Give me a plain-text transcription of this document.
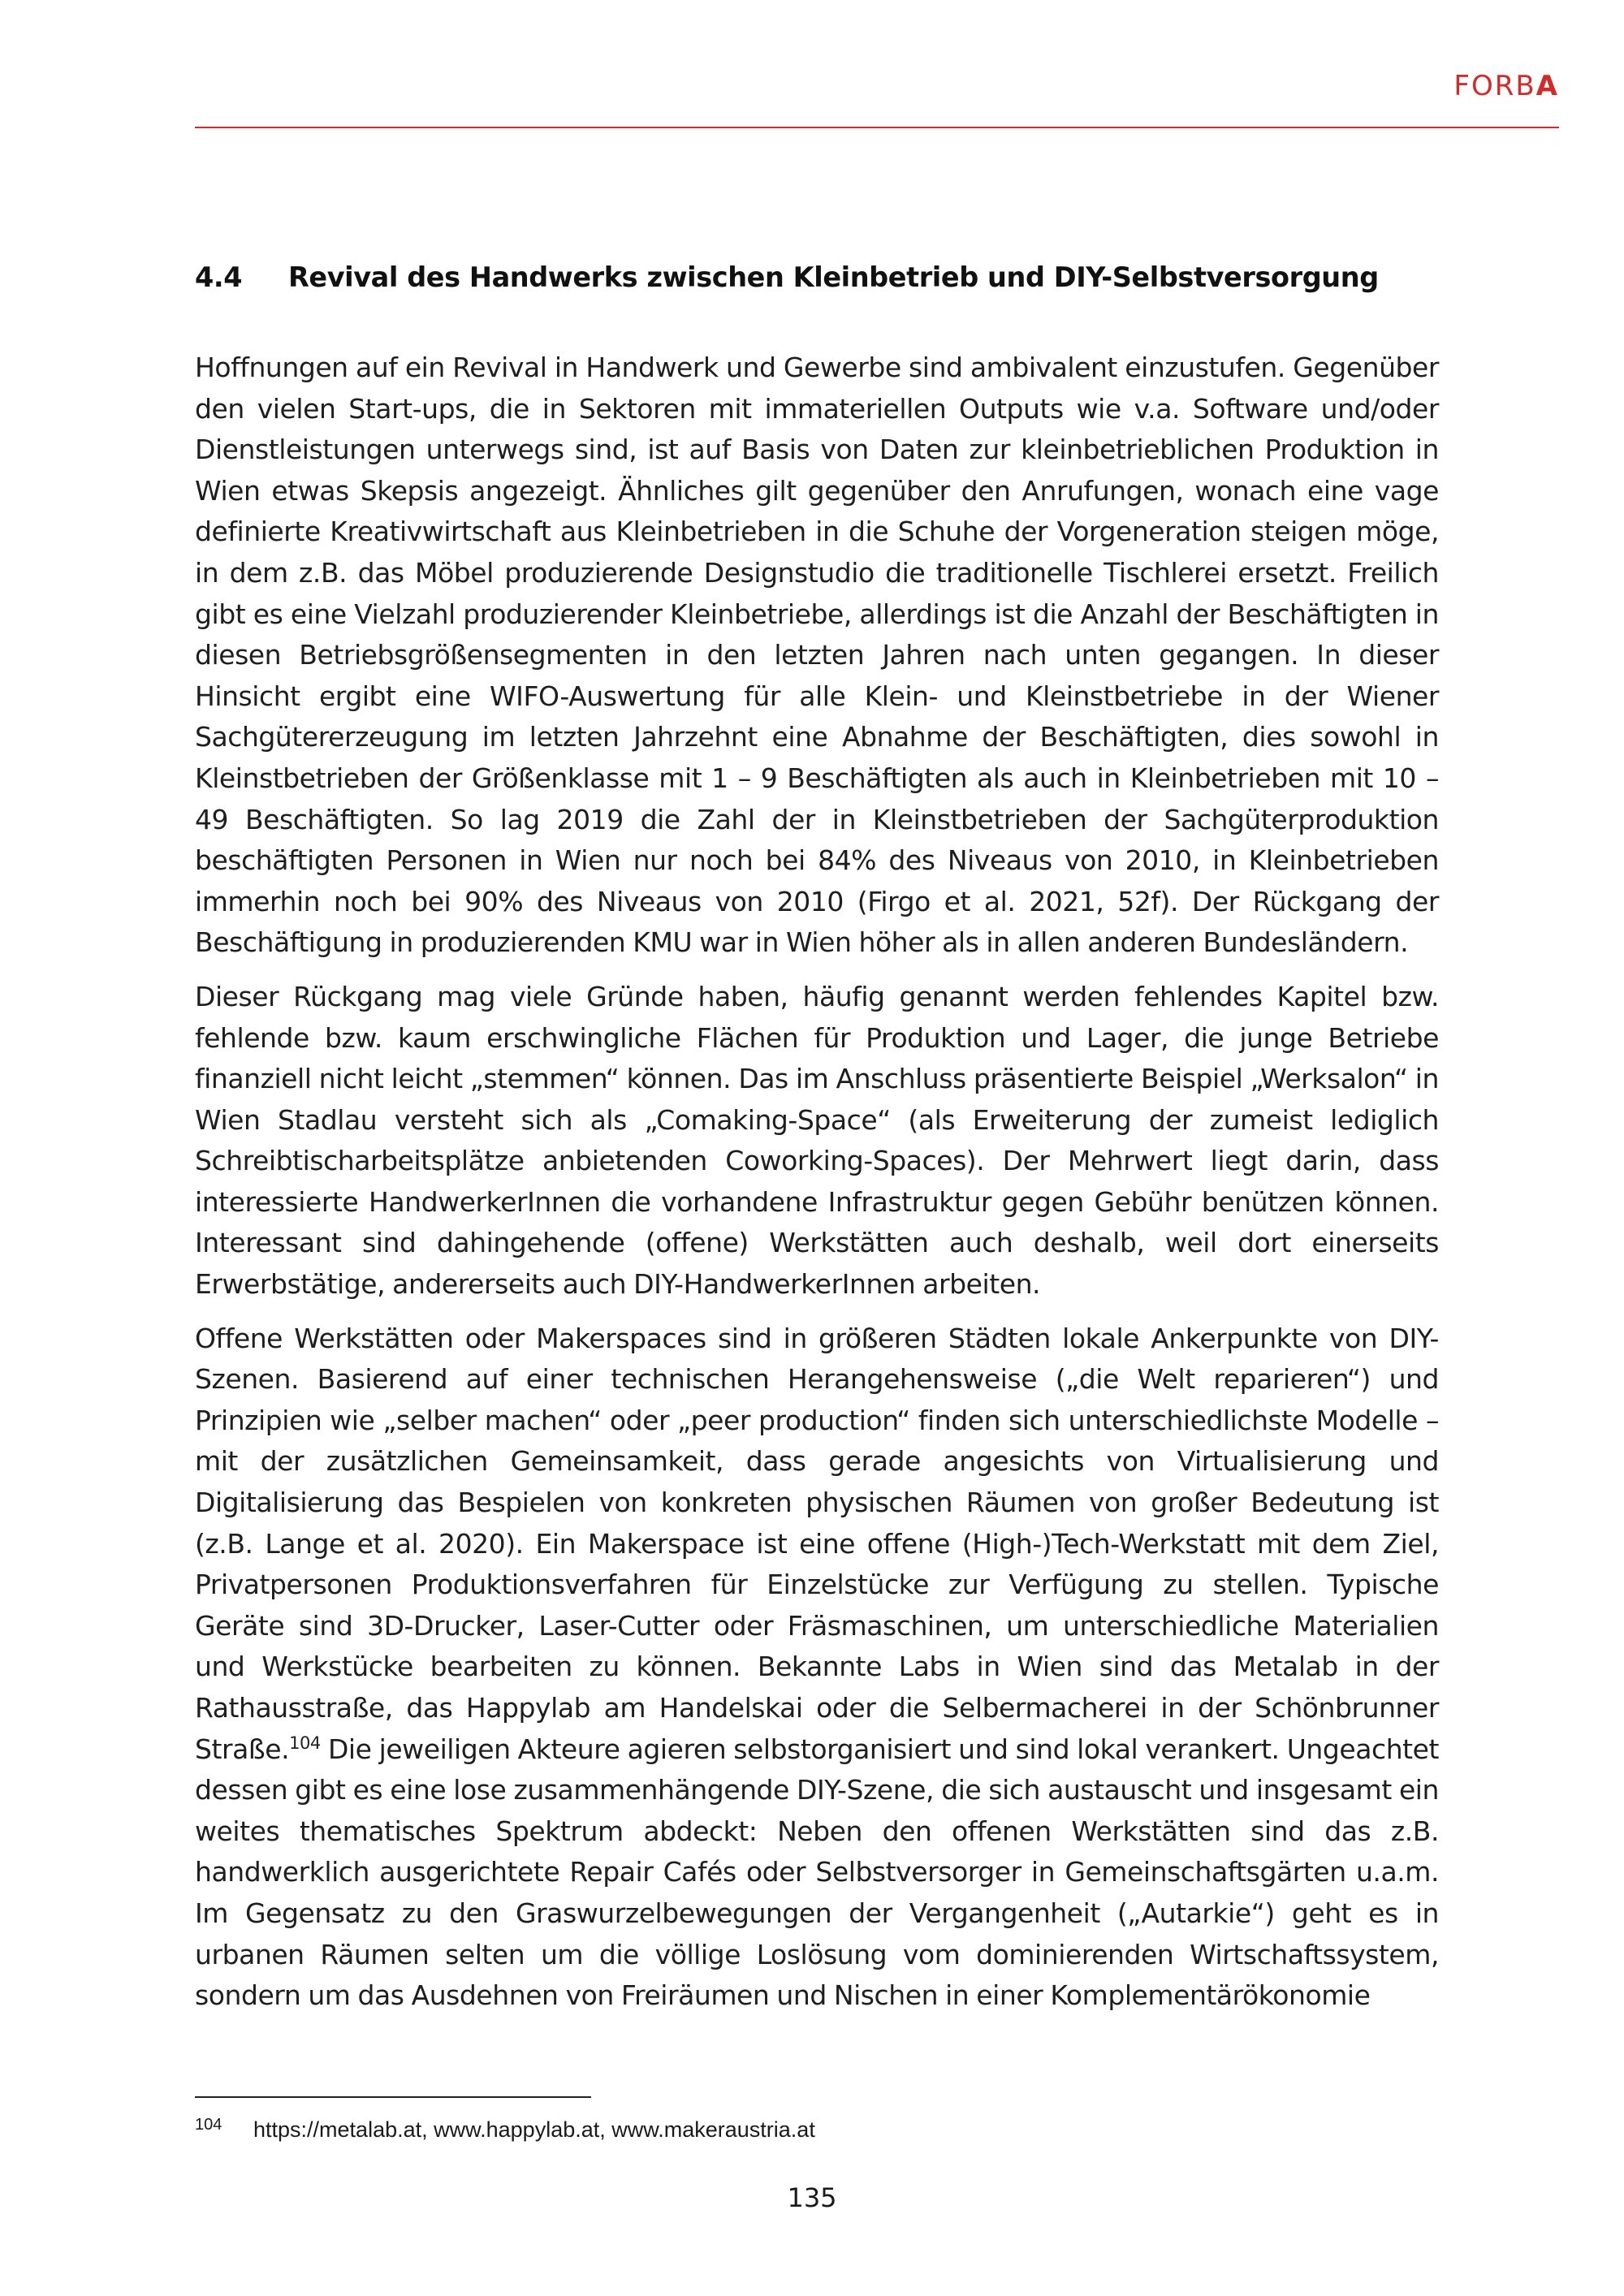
FORBA
4.4 Revival des Handwerks zwischen Kleinbetrieb und DIY-Selbstversorgung

Hoffnungen auf ein Revival in Handwerk und Gewerbe sind ambivalent einzustufen. Gegenüber den vielen Start-ups, die in Sektoren mit immateriellen Outputs wie v.a. Software und/oder Dienstleistungen unterwegs sind, ist auf Basis von Daten zur kleinbetrieblichen Produktion in Wien etwas Skepsis angezeigt. Ähnliches gilt gegenüber den Anrufungen, wonach eine vage definierte Kreativwirtschaft aus Kleinbetrieben in die Schuhe der Vorgeneration steigen möge, in dem z.B. das Möbel produzierende Designstudio die traditionelle Tischlerei ersetzt. Freilich gibt es eine Vielzahl produzierender Kleinbetriebe, allerdings ist die Anzahl der Beschäftigten in diesen Betriebsgrößensegmenten in den letzten Jahren nach unten gegangen. In dieser Hinsicht ergibt eine WIFO-Auswertung für alle Klein- und Kleinstbetriebe in der Wiener Sachgütererzeugung im letzten Jahrzehnt eine Abnahme der Beschäftigten, dies sowohl in Kleinstbetrieben der Größenklasse mit 1 – 9 Beschäftigten als auch in Kleinbetrieben mit 10 – 49 Beschäftigten. So lag 2019 die Zahl der in Kleinstbetrieben der Sachgüterproduktion beschäftigten Personen in Wien nur noch bei 84% des Niveaus von 2010, in Kleinbetrieben immerhin noch bei 90% des Niveaus von 2010 (Firgo et al. 2021, 52f). Der Rückgang der Beschäftigung in produzierenden KMU war in Wien höher als in allen anderen Bundesländern.

Dieser Rückgang mag viele Gründe haben, häufig genannt werden fehlendes Kapitel bzw. fehlende bzw. kaum erschwingliche Flächen für Produktion und Lager, die junge Betriebe finanziell nicht leicht „stemmen“ können. Das im Anschluss präsentierte Beispiel „Werksalon“ in Wien Stadlau versteht sich als „Comaking-Space“ (als Erweiterung der zumeist lediglich Schreibtischarbeitsplätze anbietenden Coworking-Spaces). Der Mehrwert liegt darin, dass interessierte HandwerkerInnen die vorhandene Infrastruktur gegen Gebühr benützen können. Interessant sind dahingehende (offene) Werkstätten auch deshalb, weil dort einerseits Erwerbstätige, andererseits auch DIY-HandwerkerInnen arbeiten.

Offene Werkstätten oder Makerspaces sind in größeren Städten lokale Ankerpunkte von DIY-Szenen. Basierend auf einer technischen Herangehensweise („die Welt reparieren“) und Prinzipien wie „selber machen“ oder „peer production“ finden sich unterschiedlichste Modelle – mit der zusätzlichen Gemeinsamkeit, dass gerade angesichts von Virtualisierung und Digitalisierung das Bespielen von konkreten physischen Räumen von großer Bedeutung ist (z.B. Lange et al. 2020). Ein Makerspace ist eine offene (High-)Tech-Werkstatt mit dem Ziel, Privatpersonen Produktionsverfahren für Einzelstücke zur Verfügung zu stellen. Typische Geräte sind 3D-Drucker, Laser-Cutter oder Fräsmaschinen, um unterschiedliche Materialien und Werkstücke bearbeiten zu können. Bekannte Labs in Wien sind das Metalab in der Rathausstraße, das Happylab am Handelskai oder die Selbermacherei in der Schönbrunner Straße.$^{104}$ Die jeweiligen Akteure agieren selbstorganisiert und sind lokal verankert. Ungeachtet dessen gibt es eine lose zusammenhängende DIY-Szene, die sich austauscht und insgesamt ein weites thematisches Spektrum abdeckt: Neben den offenen Werkstätten sind das z.B. handwerklich ausgerichtete Repair Cafés oder Selbstversorger in Gemeinschaftsgärten u.a.m. Im Gegensatz zu den Graswurzelbewegungen der Vergangenheit („Autarkie“) geht es in urbanen Räumen selten um die völlige Loslösung vom dominierenden Wirtschaftssystem, sondern um das Ausdehnen von Freiräumen und Nischen in einer Komplementärökonomie

104 https://metalab.at, www.happylab.at, www.makeraustria.at
135
